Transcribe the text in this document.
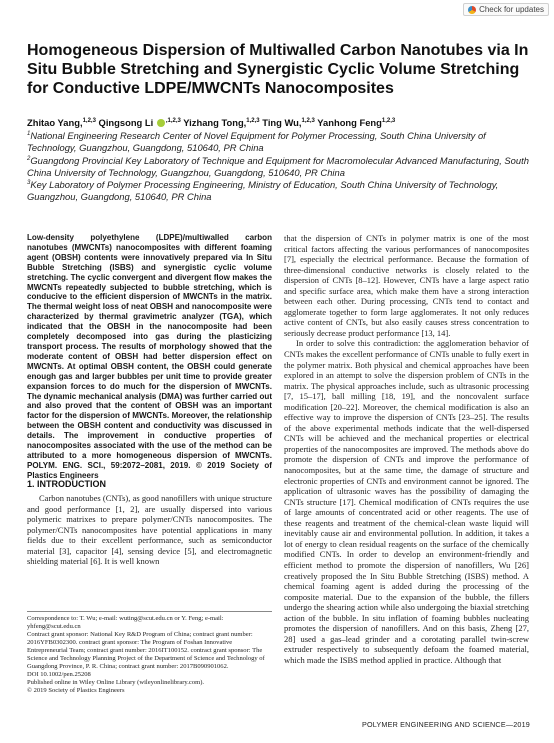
Check for updates
Homogeneous Dispersion of Multiwalled Carbon Nanotubes via In Situ Bubble Stretching and Synergistic Cyclic Volume Stretching for Conductive LDPE/MWCNTs Nanocomposites
Zhitao Yang,$^{1,2,3}$ Qingsong Li $^{,1,2,3}$ Yizhang Tong,$^{1,2,3}$ Ting Wu,$^{1,2,3}$ Yanhong Feng$^{1,2,3}$

$^1$National Engineering Research Center of Novel Equipment for Polymer Processing, South China University of Technology, Guangzhou, Guangdong, 510640, PR China

$^2$Guangdong Provincial Key Laboratory of Technique and Equipment for Macromolecular Advanced Manufacturing, South China University of Technology, Guangzhou, Guangdong, 510640, PR China

$^3$Key Laboratory of Polymer Processing Engineering, Ministry of Education, South China University of Technology, Guangzhou, Guangdong, 510640, PR China

Low-density polyethylene (LDPE)/multiwalled carbon nanotubes (MWCNTs) nanocomposites with different foaming agent (OBSH) contents were innovatively prepared via In Situ Bubble Stretching (ISBS) and synergistic cyclic volume stretching. The cyclic convergent and divergent flow makes the MWCNTs repeatedly subjected to bubble stretching, which is conducive to the efficient dispersion of MWCNTs in the matrix. The thermal weight loss of neat OBSH and nanocomposite were characterized by thermal gravimetric analyzer (TGA), which indicated that the OBSH in the nanocomposite had been completely decomposed into gas during the plasticizing transport process. The results of morphology showed that the moderate content of OBSH had better dispersion effect on MWCNTs. At optimal OBSH content, the OBSH could generate enough gas and larger bubbles per unit time to provide greater expansion forces to do much for the dispersion of MWCNTs. The dynamic mechanical analysis (DMA) was further carried out and also proved that the content of OBSH was an important factor for the dispersion of MWCNTs. Moreover, the relationship between the OBSH content and conductivity was discussed in details. The improvement in conductive properties of nanocomposites associated with the use of the method can be attributed to a more homogeneous dispersion of MWCNTs. POLYM. ENG. SCI., 59:2072–2081, 2019. © 2019 Society of Plastics Engineers

1. INTRODUCTION

Carbon nanotubes (CNTs), as good nanofillers with unique structure and good performance [1, 2], are usually dispersed into various polymeric matrixes to prepare polymer/CNTs nanocomposites. The polymer/CNTs nanocomposites have potential applications in many fields due to their excellent performance, such as semiconductor material [3], capacitor [4], sensing device [5], and electromagnetic shielding material [6]. It is well known

Correspondence to: T. Wu; e-mail: wuting@scut.edu.cn or Y. Feng; e-mail: yhfeng@scut.edu.cn

Contract grant sponsor: National Key R&D Program of China; contract grant number: 2016YFB0302300. contract grant sponsor: The Program of Foshan Innovative Entrepreneurial Team; contract grant number: 2016IT100152. contract grant sponsor: The Science and Technology Planning Project of the Department of Science and Technology of Guangdong Province, P. R. China; contract grant number: 2017B090901062.

DOI 10.1002/pen.25208

Published online in Wiley Online Library (wileyonlinelibrary.com).

© 2019 Society of Plastics Engineers

that the dispersion of CNTs in polymer matrix is one of the most critical factors affecting the various performances of nanocomposites [7], especially the electrical performance. Because the formation of three-dimensional conductive networks is closely related to the dispersion of CNTs [8–12]. However, CNTs have a large aspect ratio and specific surface area, which make them have a strong interaction between each other. During processing, CNTs tend to contact and agglomerate together to form large agglomerates. It not only reduces active content of CNTs, but also easily causes stress concentration to seriously decrease product performance [13, 14].

In order to solve this contradiction: the agglomeration behavior of CNTs makes the excellent performance of CNTs unable to fully exert in the polymer matrix. Both physical and chemical approaches have been explored in an attempt to solve the dispersion problem of CNTs in the matrix. The physical approaches include, such as ultrasonic processing [7, 15–17], ball milling [18, 19], and the noncovalent surface modification [20–22]. Moreover, the chemical modification is also an effective way to improve the dispersion of CNTs [23–25]. The results of the above experimental methods indicate that the well-dispersed CNTs will be achieved and the mechanical properties or electrical properties of the nanocomposites are improved. The methods above do promote the dispersion of CNTs and improve the performance of nanocomposites, but at the same time, the damage of structure and electronic properties of CNTs and environment cannot be ignored. The application of ultrasonic waves has the possibility of damaging the CNTs structure [17]. Chemical modification of CNTs requires the use of large amounts of concentrated acid or other reagents. The use of these reagents and treatment of the chemical-clean waste liquid will inevitably cause air and environmental pollution. In addition, it takes a lot of energy to clean residual reagents on the surface of the chemically modified CNTs. In order to develop an environment-friendly and efficient method to promote the dispersion of nanofillers, Wu [26] creatively proposed the In Situ Bubble Stretching (ISBS) method. A chemical foaming agent is added during the processing of the composite material. Due to the expansion of the bubble, the fillers undergo the shearing action while also undergoing the biaxial stretching action of the bubble. In situ inflation of foaming bubbles nucleating promotes the dispersion of nanofillers. And on this basis, Zheng [27, 28] used a gas–lead grinder and a corotating parallel twin-screw extruder respectively to subsequently defoam the foamed material, which made the ISBS method applied in practice. Although that

POLYMER ENGINEERING AND SCIENCE—2019
